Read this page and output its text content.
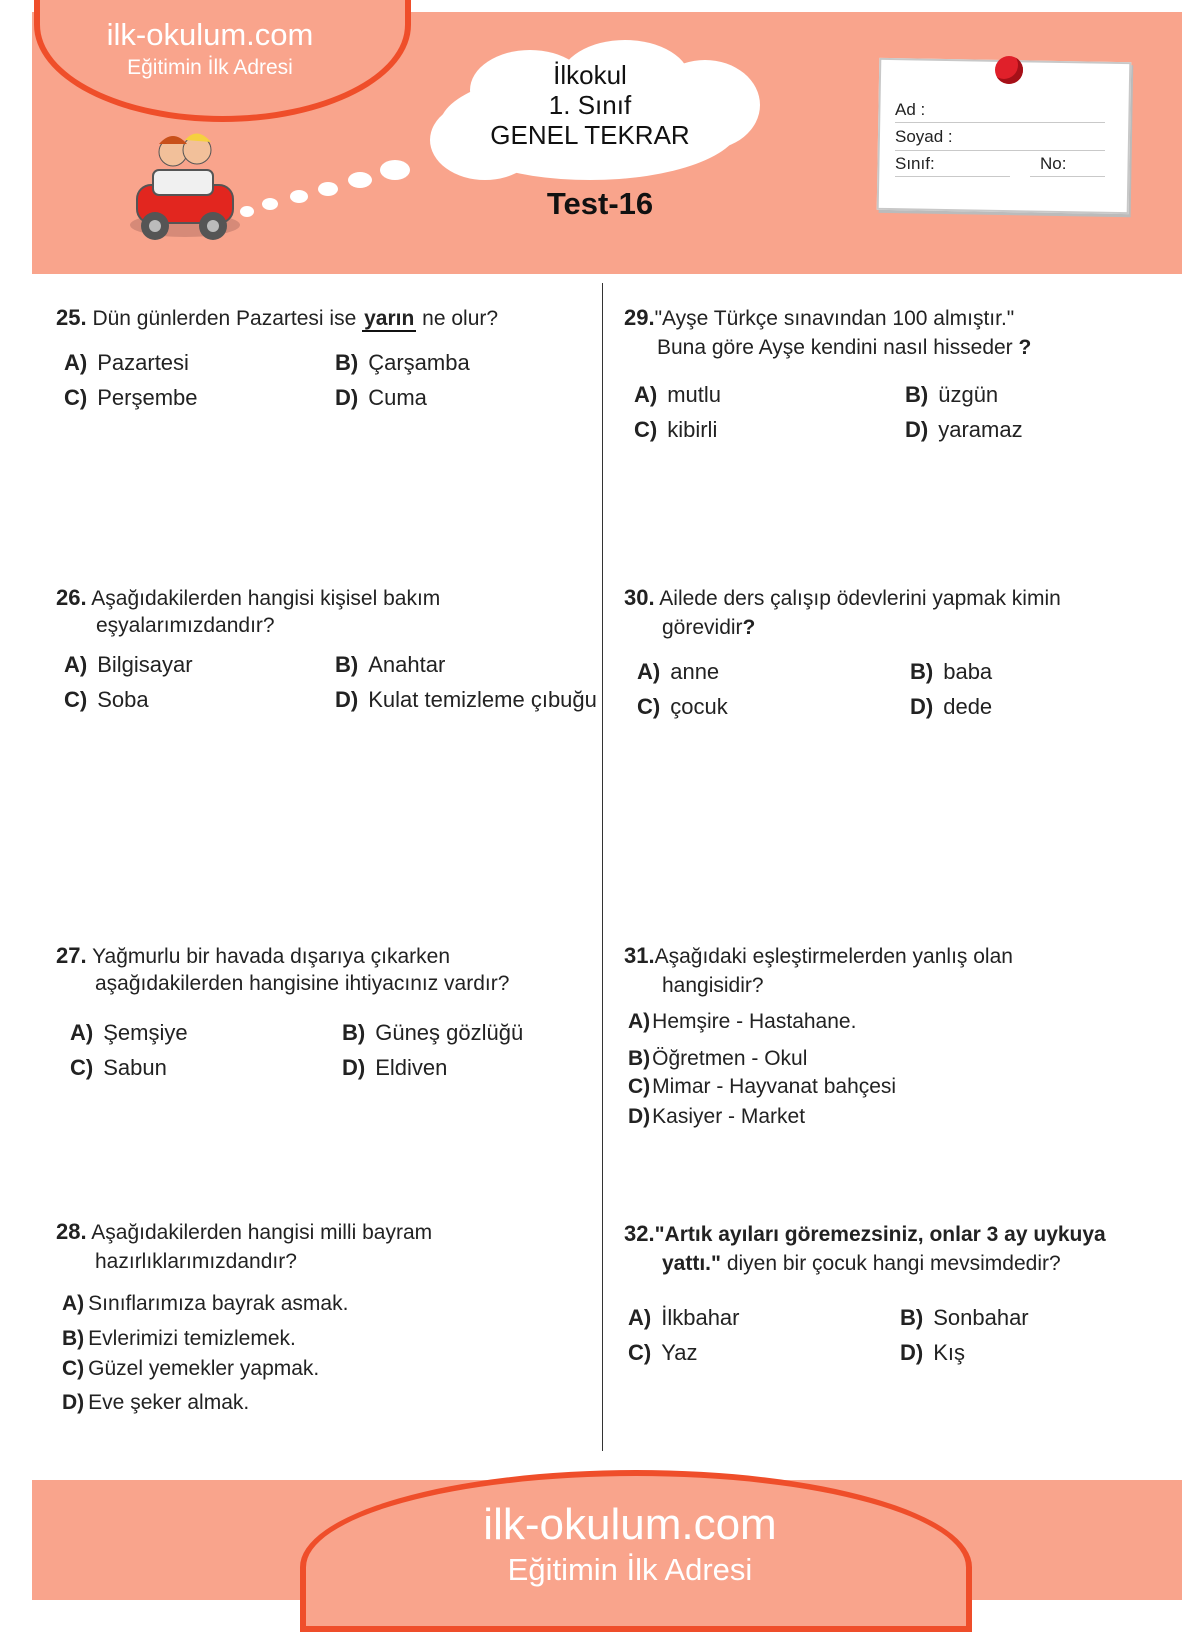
ilk-okulum.com
Eğitimin İlk Adresi	İlkokul
1. Sınıf
GENEL TEKRAR
Test-16
Ad :
Soyad :
Sınıf:	No:
25. Dün günlerden Pazartesi ise yarın ne olur?
A) Pazartesi	B) Çarşamba
C) Perşembe	D) Cuma
26. Aşağıdakilerden hangisi kişisel bakım
eşyalarımızdandır?
A) Bilgisayar	B) Anahtar
C) Soba	D) Kulat temizleme çıbuğu
27. Yağmurlu bir havada dışarıya çıkarken
aşağıdakilerden hangisine ihtiyacınız vardır?
A) Şemşiye	B) Güneş gözlüğü
C) Sabun	D) Eldiven
28. Aşağıdakilerden hangisi milli bayram
hazırlıklarımızdandır?
A) Sınıflarımıza bayrak asmak.
B) Evlerimizi temizlemek.
C) Güzel yemekler yapmak.
D) Eve şeker almak.
29."Ayşe Türkçe sınavından 100 almıştır."
Buna göre Ayşe kendini nasıl hisseder ?
A) mutlu	B) üzgün
C) kibirli	D) yaramaz
30. Ailede ders çalışıp ödevlerini yapmak kimin
görevidir?
A) anne	B) baba
C) çocuk	D) dede
31.Aşağıdaki eşleştirmelerden yanlış olan
hangisidir?
A)Hemşire - Hastahane.
B)Öğretmen - Okul
C)Mimar - Hayvanat bahçesi
D)Kasiyer - Market
32."Artık ayıları göremezsiniz, onlar 3 ay uykuya
yattı." diyen bir çocuk hangi mevsimdedir?
A) İlkbahar	B) Sonbahar
C) Yaz	D) Kış
ilk-okulum.com
Eğitimin İlk Adresi
